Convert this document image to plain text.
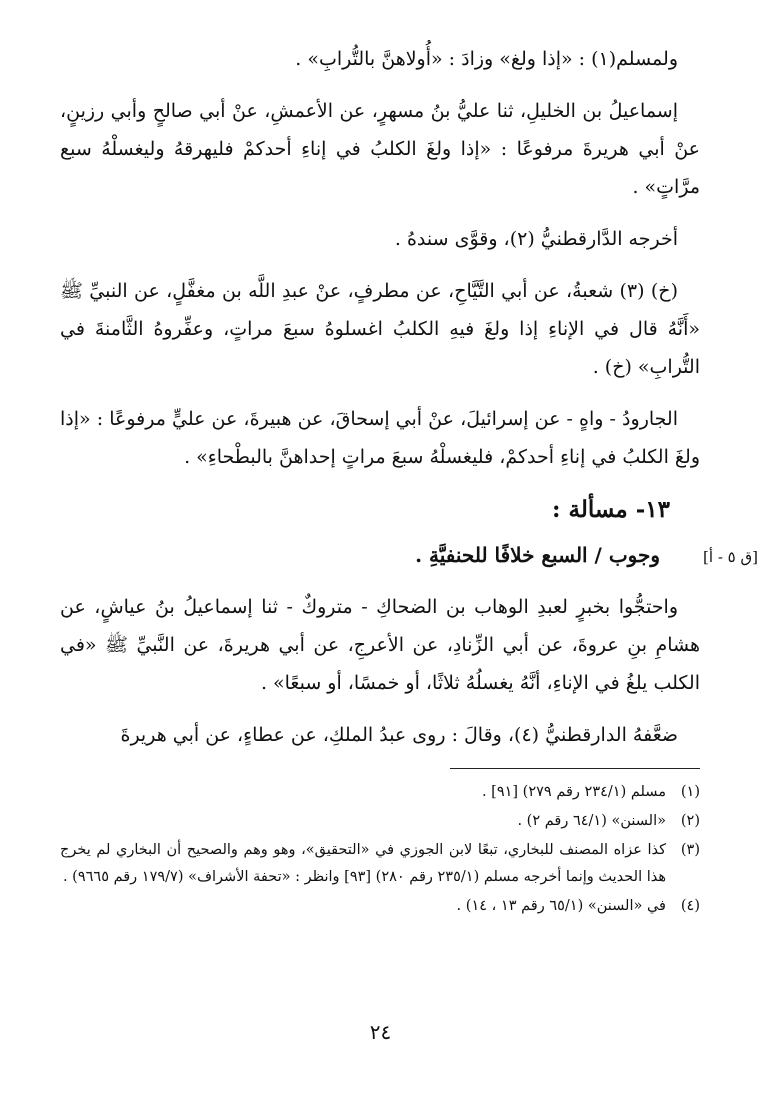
ولمسلم(١) : «إذا ولغ» وزادَ : «أُولاهنَّ بالتُّرابِ» .

إسماعيلُ بن الخليلِ، ثنا عليُّ بنُ مسهرٍ، عن الأعمشِ، عنْ أبي صالحٍ وأبي رزينٍ، عنْ أبي هريرةَ مرفوعًا : «إذا ولغَ الكلبُ في إناءِ أحدكمْ فليهرقهُ وليغسلْهُ سبع مرَّاتٍ» .

أخرجه الدَّارقطنيُّ (٢)، وقوَّى سندهُ .

(خ) (٣) شعبةُ، عن أبي التَّيَّاحِ، عن مطرفٍ، عنْ عبدِ اللَّه بن مغفَّلٍ، عن النبيِّ ﷺ «أَنَّهُ قال في الإناءِ إذا ولغَ فيهِ الكلبُ اغسلوهُ سبعَ مراتٍ، وعفِّروهُ الثَّامنةَ في التُّرابِ» (خ) .

الجارودُ - واهٍ - عن إسرائيلَ، عنْ أبي إسحاقَ، عن هبيرةَ، عن عليٍّ مرفوعًا : «إذا ولغَ الكلبُ في إناءِ أحدكمْ، فليغسلْهُ سبعَ مراتٍ إحداهنَّ بالبطْحاءِ» .

١٣- مسألة :
وجوب / السبع خلافًا للحنفيَّةِ .	[ق ٥ - أ]

واحتجُّوا بخبرٍ لعبدِ الوهاب بن الضحاكِ - متروكٌ - ثنا إسماعيلُ بنُ عياشٍ، عن هشامِ بنِ عروةَ، عن أبي الزِّنادِ، عن الأعرجِ، عن أبي هريرةَ، عن النَّبيِّ ﷺ «في الكلب يلغُ في الإناءِ، أنَّهُ يغسلُهُ ثلاثًا، أو خمسًا، أو سبعًا» .

ضعَّفهُ الدارقطنيُّ (٤)، وقالَ : روى عبدُ الملكِ، عن عطاءٍ، عن أبي هريرةَ

(١)
مسلم (٢٣٤/١ رقم ٢٧٩) [٩١] .
(٢)
«السنن» (٦٤/١ رقم ٢) .
(٣)
كذا عزاه المصنف للبخاري، تبعًا لابن الجوزي في «التحقيق»، وهو وهم والصحيح أن البخاري لم يخرج هذا الحديث وإنما أخرجه مسلم (٢٣٥/١ رقم ٢٨٠) [٩٣] وانظر : «تحفة الأشراف» (١٧٩/٧ رقم ٩٦٦٥) .
(٤)
في «السنن» (٦٥/١ رقم ١٣ ، ١٤) .
٢٤
